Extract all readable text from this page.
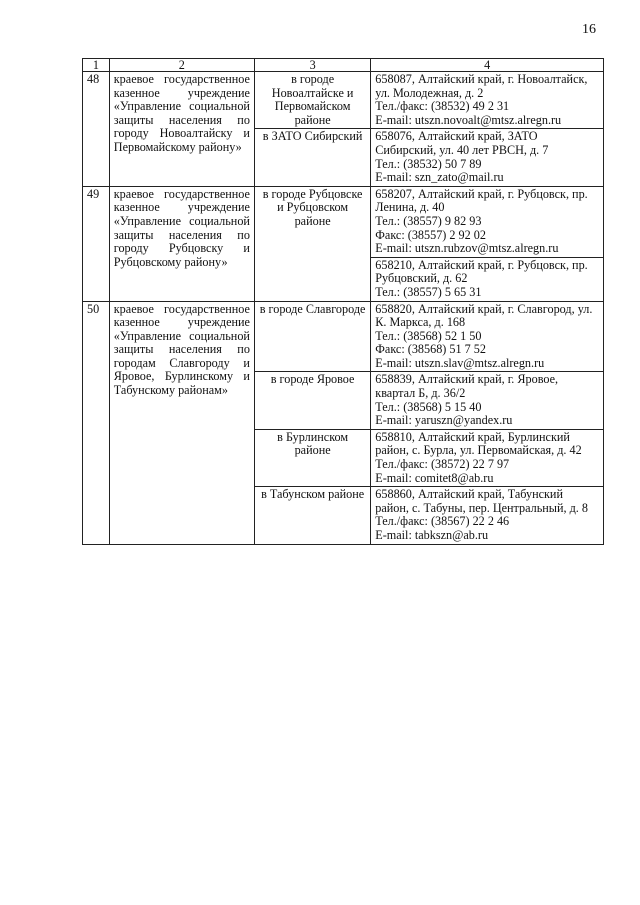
16
1	2	3	4
48	краевое государственное казенное учреждение «Управление социальной защиты населения по городу Новоалтайску и Первомайскому району»	в городе Новоалтайске и Первомайском районе	658087, Алтайский край, г. Новоалтайск, ул. Молодежная, д. 2
Тел./факс: (38532) 49 2 31
E-mail: utszn.novoalt@mtsz.alregn.ru

		в ЗАТО Сибирский	658076, Алтайский край, ЗАТО Сибирский, ул. 40 лет РВСН, д. 7
Тел.: (38532) 50 7 89
E-mail: szn_zato@mail.ru

49	краевое государственное казенное учреждение «Управление социальной защиты населения по городу Рубцовску и Рубцовскому району»	в городе Рубцовске и Рубцовском районе	658207, Алтайский край, г. Рубцовск, пр. Ленина, д. 40
Тел.: (38557) 9 82 93
Факс: (38557) 2 92 02
E-mail: utszn.rubzov@mtsz.alregn.ru

			658210, Алтайский край, г. Рубцовск, пр. Рубцовский, д. 62
Тел.: (38557) 5 65 31

50	краевое государственное казенное учреждение «Управление социальной защиты населения по городам Славгороду и Яровое, Бурлинскому и Табунскому районам»	в городе Славгороде	658820, Алтайский край, г. Славгород, ул. К. Маркса, д. 168
Тел.: (38568) 52 1 50
Факс: (38568) 51 7 52
E-mail: utszn.slav@mtsz.alregn.ru

		в городе Яровое	658839, Алтайский край, г. Яровое, квартал Б, д. 36/2
Тел.: (38568) 5 15 40
E-mail: yaruszn@yandex.ru

		в Бурлинском районе	658810, Алтайский край, Бурлинский район, с. Бурла, ул. Первомайская, д. 42
Тел./факс: (38572) 22 7 97
E-mail: comitet8@ab.ru

		в Табунском районе	658860, Алтайский край, Табунский район, с. Табуны, пер. Центральный, д. 8
Тел./факс: (38567) 22 2 46
E-mail: tabkszn@ab.ru
